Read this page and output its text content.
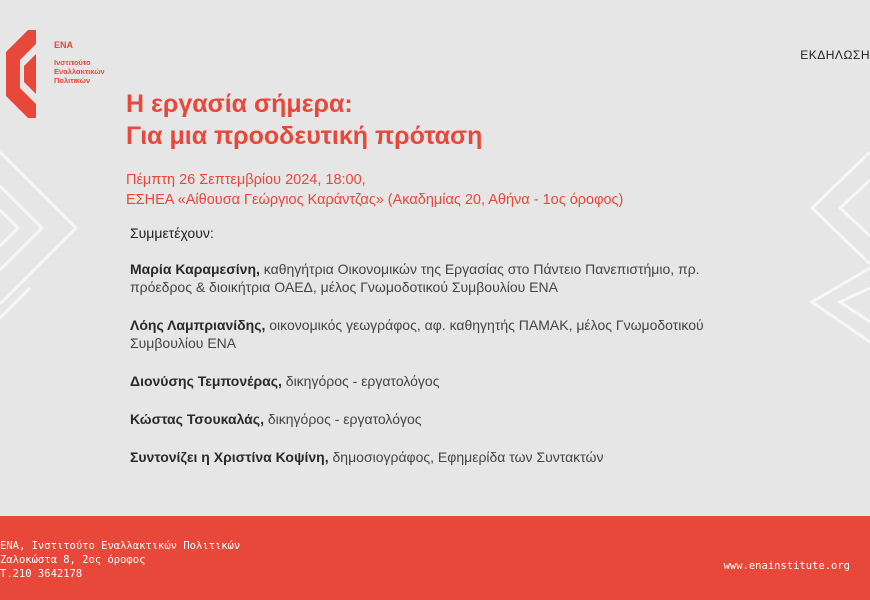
ENA
Ινστιτούτο
Εναλλακτικών
Πολιτικών
ΕΚΔΗΛΩΣΗ
Η εργασία σήμερα:
Για μια προοδευτική πρόταση
Πέμπτη 26 Σεπτεμβρίου 2024, 18:00,
ΕΣΗΕΑ «Αίθουσα Γεώργιος Καράντζας» (Ακαδημίας 20, Αθήνα - 1ος όροφος)
Συμμετέχουν:
Μαρία Καραμεσίνη, καθηγήτρια Οικονομικών της Εργασίας στο Πάντειο Πανεπιστήμιο, πρ. πρόεδρος & διοικήτρια ΟΑΕΔ, μέλος Γνωμοδοτικού Συμβουλίου ΕΝΑ
Λόης Λαμπριανίδης, οικονομικός γεωγράφος, αφ. καθηγητής ΠΑΜΑΚ, μέλος Γνωμοδοτικού Συμβουλίου ΕΝΑ
Διονύσης Τεμπονέρας, δικηγόρος - εργατολόγος
Κώστας Τσουκαλάς, δικηγόρος - εργατολόγος
Συντονίζει η Χριστίνα Κοψίνη, δημοσιογράφος, Εφημερίδα των Συντακτών
ΕΝΑ, Ινστιτούτο Εναλλακτικών Πολιτικών
Ζαλοκώστα 8, 2ος όροφος
Τ.210 3642178
www.enainstitute.org
